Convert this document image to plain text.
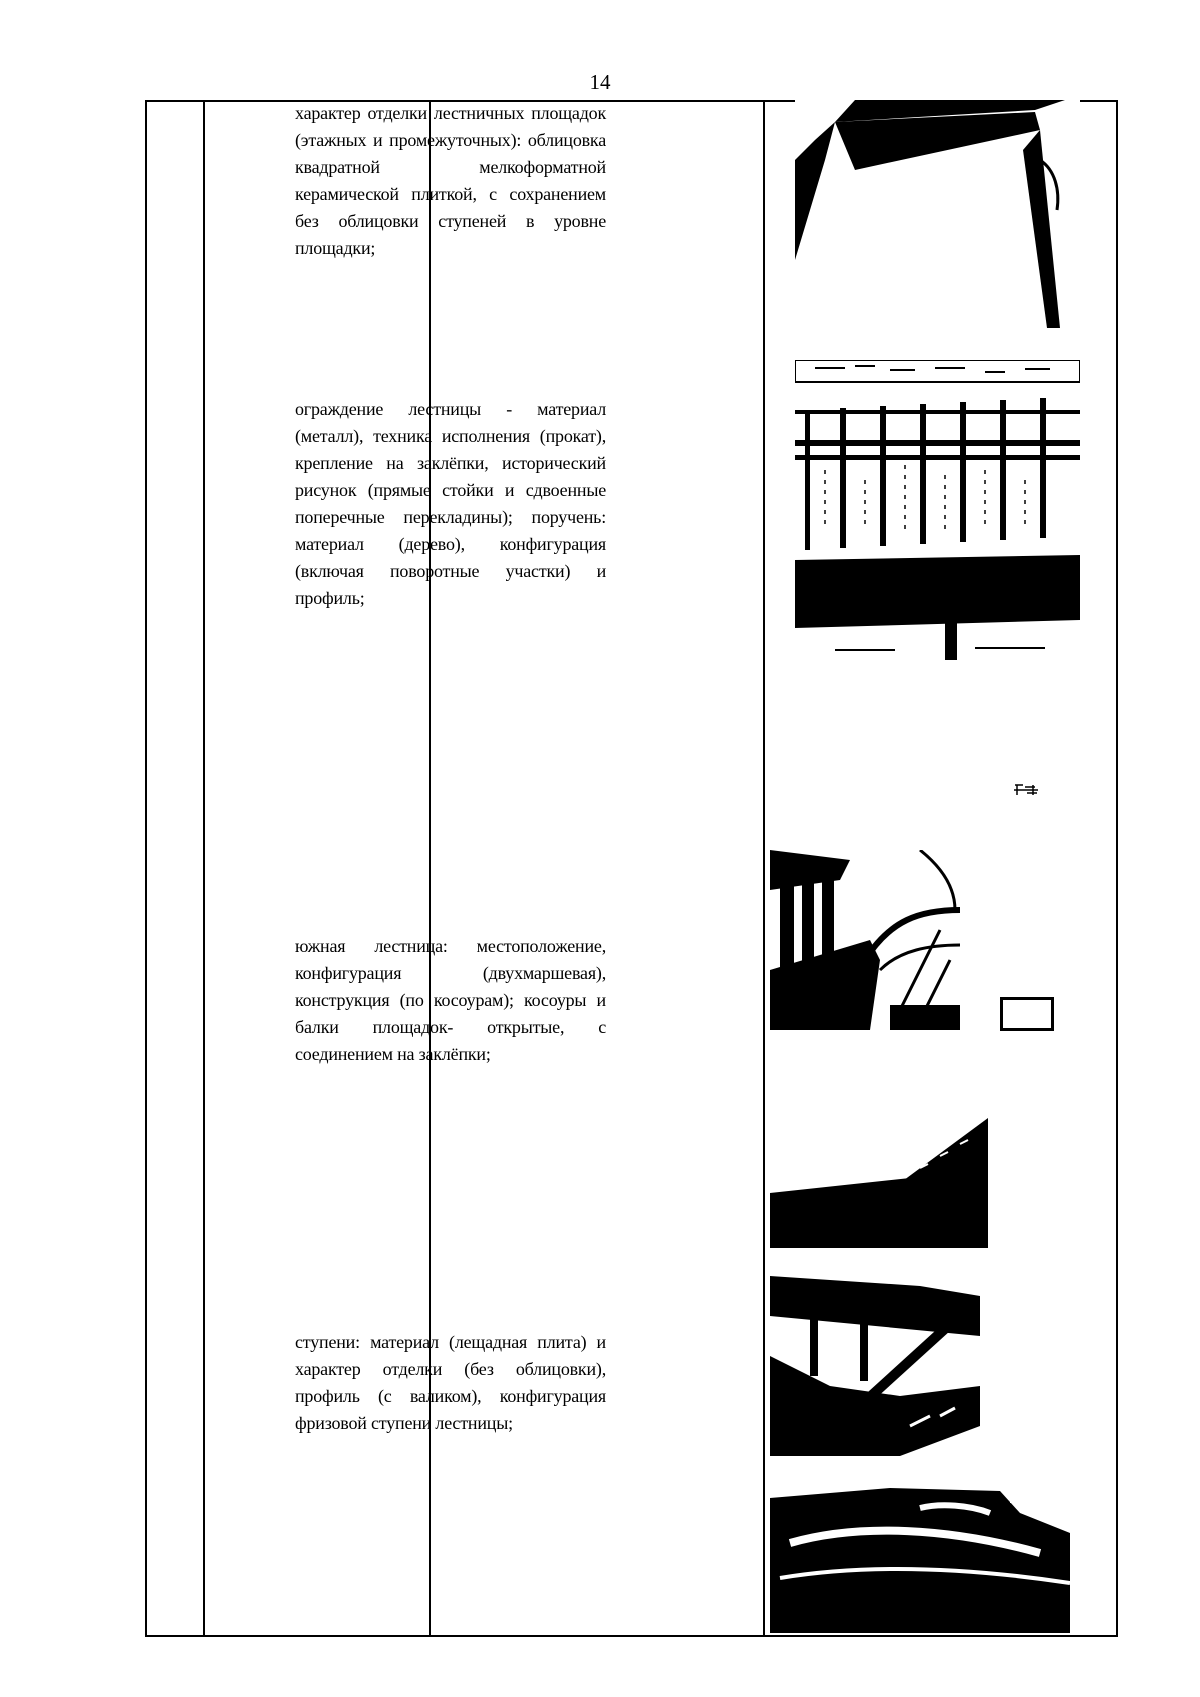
14
характер отделки лестничных площадок (этажных и промежуточных): облицовка квадратной мелкоформатной керамической плиткой, с сохранением без облицовки ступеней в уровне площадки;
ограждение лестницы - материал (металл), техника исполнения (прокат), крепление на заклёпки, исторический рисунок (прямые стойки и сдвоенные поперечные перекладины); поручень: материал (дерево), конфигурация (включая поворотные участки) и профиль;
южная лестница: местоположение, конфигурация (двухмаршевая), конструкция (по косоурам); косоуры и балки площадок- открытые, с соединением на заклёпки;
ступени: материал (лещадная плита) и характер отделки (без облицовки), профиль (с валиком), конфигурация фризовой ступени лестницы;
